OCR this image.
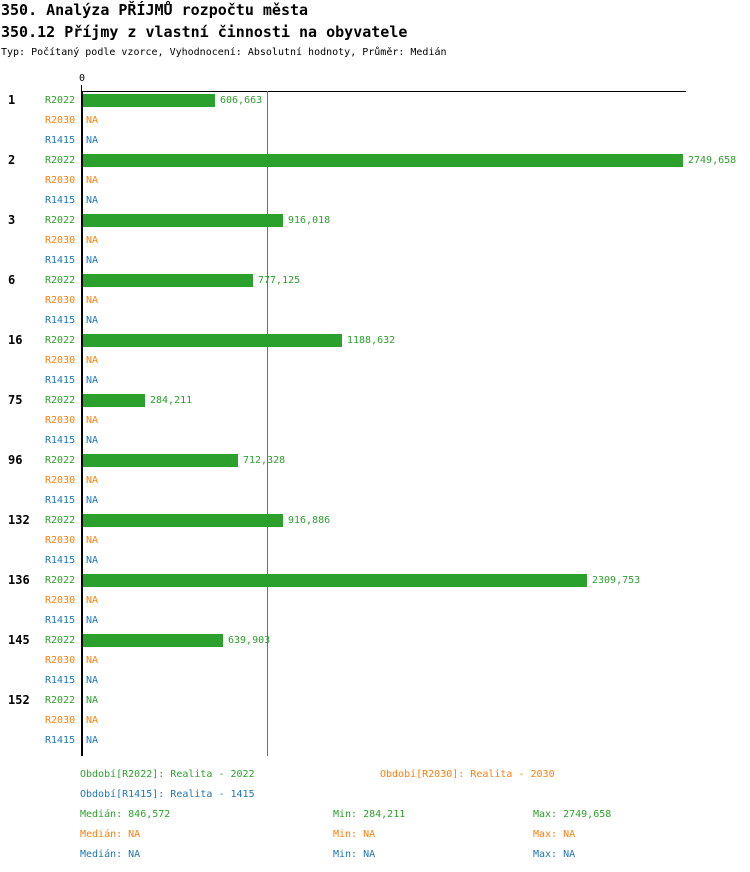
350. Analýza PŘÍJMŮ rozpočtu města
350.12 Příjmy z vlastní činnosti na obyvatele
Typ: Počítaný podle vzorce, Vyhodnocení: Absolutní hodnoty, Průměr: Medián
0
1	R2022	606,663
R2030 NA
R1415 NA
2	R2022	2749,658
R2030 NA
R1415 NA
3	R2022	916,018
R2030 NA
R1415 NA
6	R2022	777,125
R2030 NA
R1415 NA
16 R2022	1188,632
R2030 NA
R1415 NA
75 R2022	284,211
R2030 NA
R1415 NA
96 R2022	712,328
R2030 NA
R1415 NA
132 R2022	916,886
R2030 NA
R1415 NA
136 R2022	2309,753
R2030 NA
R1415 NA
145 R2022	639,903
R2030 NA
R1415 NA
152 R2022 NA
R2030 NA
R1415 NA
Období[R2022]: Realita - 2022	Období[R2030]: Realita - 2030
Období[R1415]: Realita - 1415
Medián: 846,572	Min: 284,211	Max: 2749,658
Medián: NA	Min: NA	Max: NA
Medián: NA	Min: NA	Max: NA
